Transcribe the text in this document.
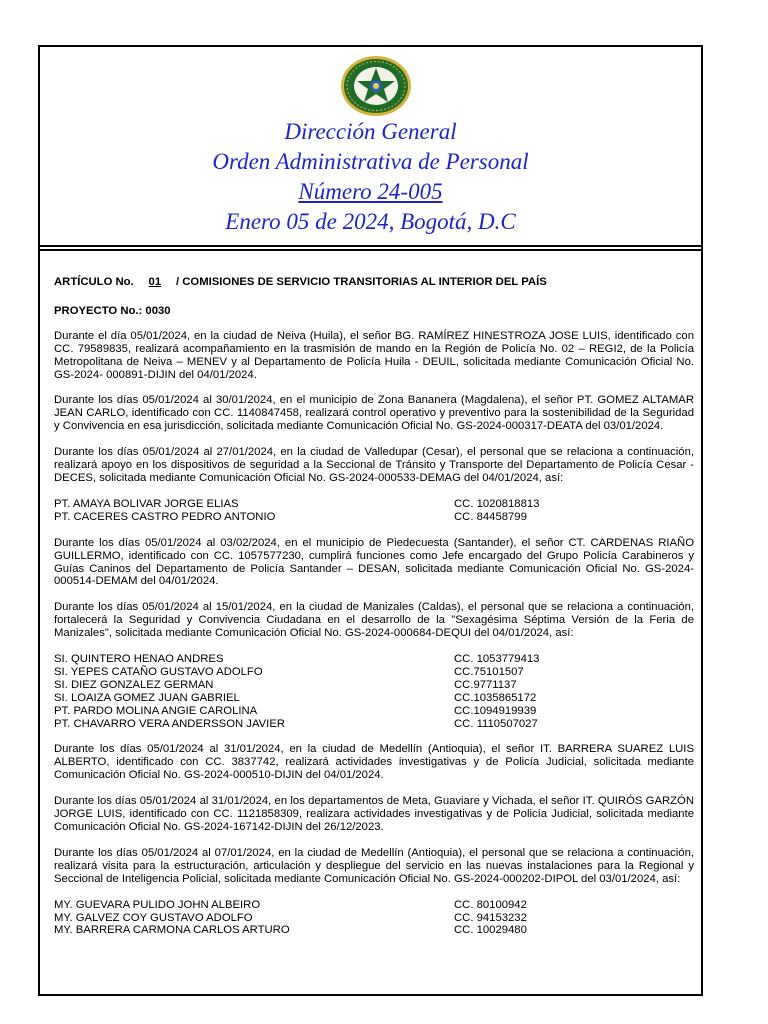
Dirección General
Orden Administrativa de Personal
Número 24-005
Enero 05 de 2024, Bogotá, D.C
ARTÍCULO No. 01 / COMISIONES DE SERVICIO TRANSITORIAS AL INTERIOR DEL PAÍS
PROYECTO No.: 0030

Durante el día 05/01/2024, en la ciudad de Neiva (Huila), el señor BG. RAMÍREZ HINESTROZA JOSE LUIS, identificado con CC. 79589835, realizará acompañamiento en la trasmisión de mando en la Región de Policía No. 02 – REGI2, de la Policía Metropolitana de Neiva – MENEV y al Departamento de Policía Huila - DEUIL, solicitada mediante Comunicación Oficial No. GS-2024- 000891-DIJIN del 04/01/2024.

Durante los días 05/01/2024 al 30/01/2024, en el municipio de Zona Bananera (Magdalena), el señor PT. GOMEZ ALTAMAR JEAN CARLO, identificado con CC. 1140847458, realizará control operativo y preventivo para la sostenibilidad de la Seguridad y Convivencia en esa jurisdicción, solicitada mediante Comunicación Oficial No. GS-2024-000317-DEATA del 03/01/2024.

Durante los días 05/01/2024 al 27/01/2024, en la ciudad de Valledupar (Cesar), el personal que se relaciona a continuación, realizará apoyo en los dispositivos de seguridad a la Seccional de Tránsito y Transporte del Departamento de Policía Cesar - DECES, solicitada mediante Comunicación Oficial No. GS-2024-000533-DEMAG del 04/01/2024, así:

PT. AMAYA BOLIVAR JORGE ELIAS	CC. 1020818813
PT. CACERES CASTRO PEDRO ANTONIO	CC. 84458799

Durante los días 05/01/2024 al 03/02/2024, en el municipio de Piedecuesta (Santander), el señor CT. CARDENAS RIAÑO GUILLERMO, identificado con CC. 1057577230, cumplirá funciones como Jefe encargado del Grupo Policía Carabineros y Guías Caninos del Departamento de Policía Santander – DESAN, solicitada mediante Comunicación Oficial No. GS-2024-000514-DEMAM del 04/01/2024.

Durante los días 05/01/2024 al 15/01/2024, en la ciudad de Manizales (Caldas), el personal que se relaciona a continuación, fortalecerá la Seguridad y Convivencia Ciudadana en el desarrollo de la "Sexagésima Séptima Versión de la Feria de Manizales", solicitada mediante Comunicación Oficial No. GS-2024-000684-DEQUI del 04/01/2024, así:

SI. QUINTERO HENAO ANDRES	CC. 1053779413
SI. YEPES CATAÑO GUSTAVO ADOLFO	CC.75101507
SI. DIEZ GONZALEZ GERMAN	CC.9771137
SI. LOAIZA GOMEZ JUAN GABRIEL	CC.1035865172
PT. PARDO MOLINA ANGIE CAROLINA	CC.1094919939
PT. CHAVARRO VERA ANDERSSON JAVIER	CC. 1110507027

Durante los días 05/01/2024 al 31/01/2024, en la ciudad de Medellín (Antioquia), el señor IT. BARRERA SUAREZ LUIS ALBERTO, identificado con CC. 3837742, realizará actividades investigativas y de Policía Judicial, solicitada mediante Comunicación Oficial No. GS-2024-000510-DIJIN del 04/01/2024.

Durante los días 05/01/2024 al 31/01/2024, en los departamentos de Meta, Guaviare y Vichada, el señor IT. QUIRÓS GARZÓN JORGE LUIS, identificado con CC. 1121858309, realizara actividades investigativas y de Policía Judicial, solicitada mediante Comunicación Oficial No. GS-2024-167142-DIJIN del 26/12/2023.

Durante los días 05/01/2024 al 07/01/2024, en la ciudad de Medellín (Antioquia), el personal que se relaciona a continuación, realizará visita para la estructuración, articulación y despliegue del servicio en las nuevas instalaciones para la Regional y Seccional de Inteligencia Policial, solicitada mediante Comunicación Oficial No. GS-2024-000202-DIPOL del 03/01/2024, así:

MY. GUEVARA PULIDO JOHN ALBEIRO	CC. 80100942
MY. GALVEZ COY GUSTAVO ADOLFO	CC. 94153232
MY. BARRERA CARMONA CARLOS ARTURO	CC. 10029480
